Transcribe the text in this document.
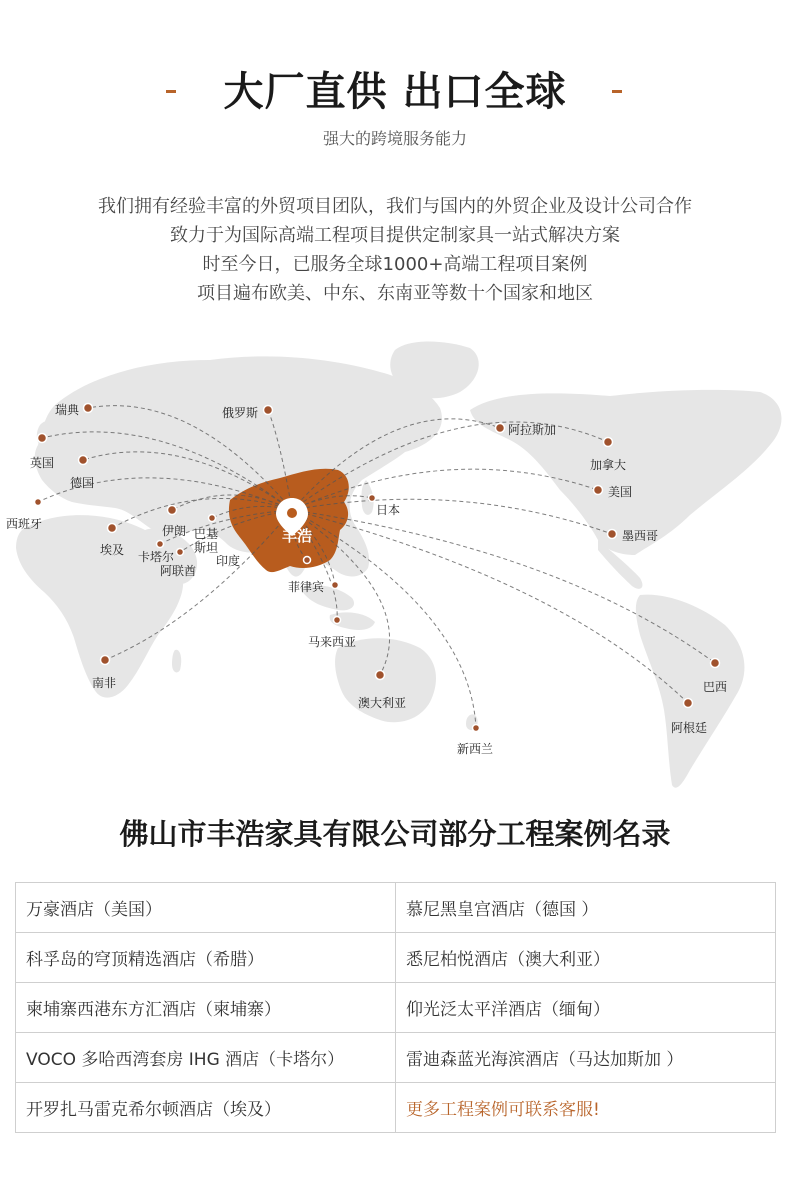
大厂直供 出口全球
强大的跨境服务能力

我们拥有经验丰富的外贸项目团队，我们与国内的外贸企业及设计公司合作

致力于为国际高端工程项目提供定制家具一站式解决方案

时至今日，已服务全球1000+高端工程项目案例

项目遍布欧美、中东、东南亚等数十个国家和地区

丰浩
瑞典	俄罗斯
阿拉斯加
英国	加拿大
德国
美国
西班牙
日本
伊朗 巴基斯坦
埃及
墨西哥
卡塔尔
阿联酋
印度
菲律宾
马来西亚
南非	巴西
澳大利亚
阿根廷
新西兰
佛山市丰浩家具有限公司部分工程案例名录
万豪酒店（美国）	慕尼黑皇宫酒店（德国 ）
科孚岛的穹顶精选酒店（希腊）	悉尼柏悦酒店（澳大利亚）
柬埔寨西港东方汇酒店（柬埔寨）	仰光泛太平洋酒店（缅甸）
VOCO 多哈西湾套房 IHG 酒店（卡塔尔）	雷迪森蓝光海滨酒店（马达加斯加 ）
开罗扎马雷克希尔顿酒店（埃及）	更多工程案例可联系客服!
